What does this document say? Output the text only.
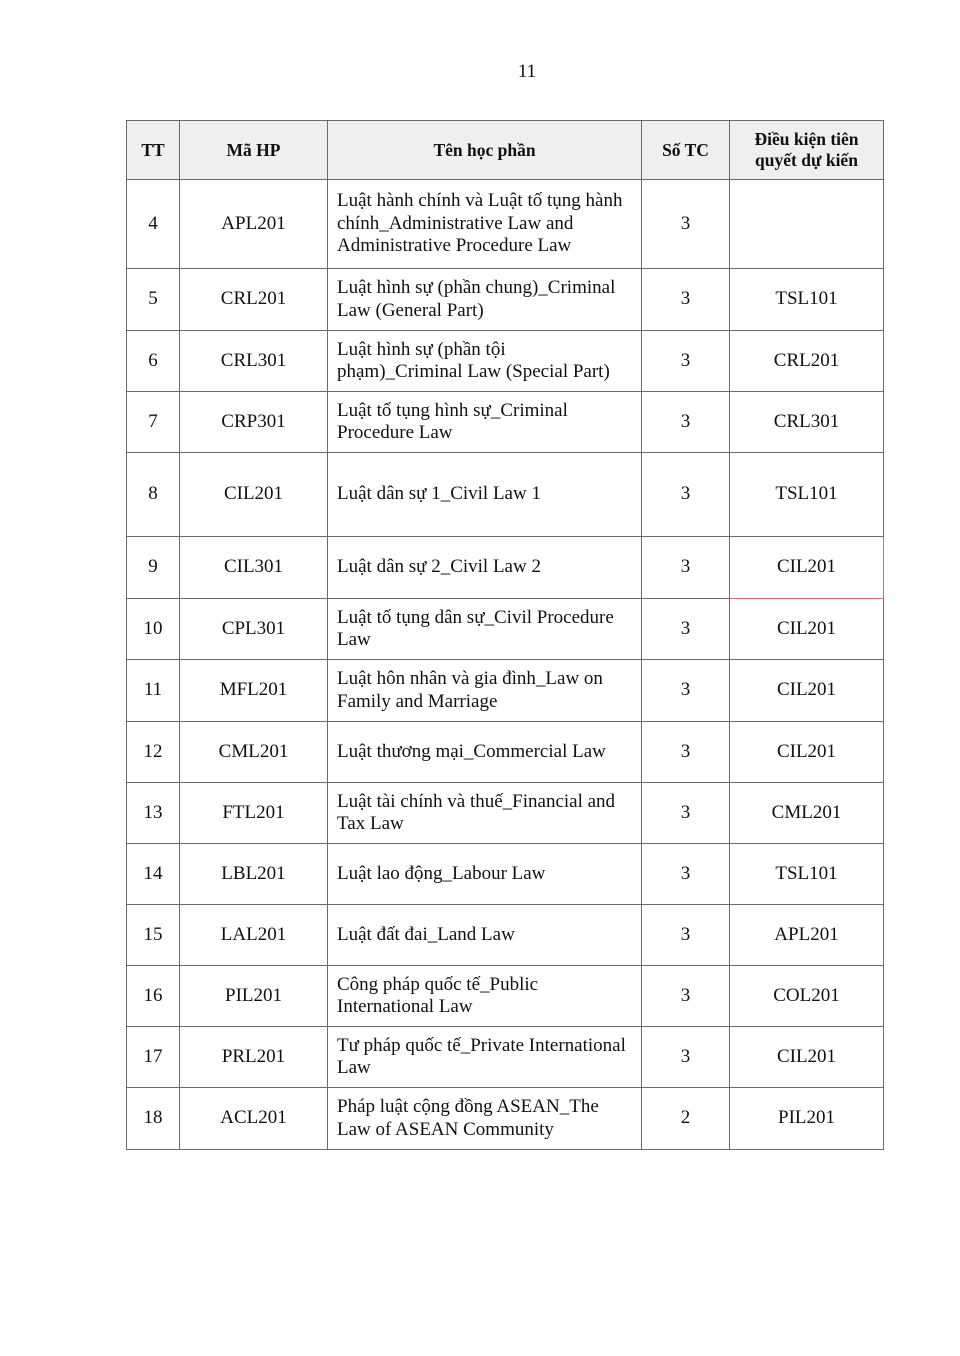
11
TT	Mã HP	Tên học phần	Số TC	Điều kiện tiên quyết dự kiến
4	APL201	Luật hành chính và Luật tố tụng hành chính_Administrative Law and Administrative Procedure Law	3	
5	CRL201	Luật hình sự (phần chung)_Criminal Law (General Part)	3	TSL101
6	CRL301	Luật hình sự (phần tội phạm)_Criminal Law (Special Part)	3	CRL201
7	CRP301	Luật tố tụng hình sự_Criminal Procedure Law	3	CRL301
8	CIL201	Luật dân sự 1_Civil Law 1	3	TSL101
9	CIL301	Luật dân sự 2_Civil Law 2	3	CIL201
10	CPL301	Luật tố tụng dân sự_Civil Procedure Law	3	CIL201
11	MFL201	Luật hôn nhân và gia đình_Law on Family and Marriage	3	CIL201
12	CML201	Luật thương mại_Commercial Law	3	CIL201
13	FTL201	Luật tài chính và thuế_Financial and Tax Law	3	CML201
14	LBL201	Luật lao động_Labour Law	3	TSL101
15	LAL201	Luật đất đai_Land Law	3	APL201
16	PIL201	Công pháp quốc tế_Public International Law	3	COL201
17	PRL201	Tư pháp quốc tế_Private International Law	3	CIL201
18	ACL201	Pháp luật cộng đồng ASEAN_The Law of ASEAN Community	2	PIL201
